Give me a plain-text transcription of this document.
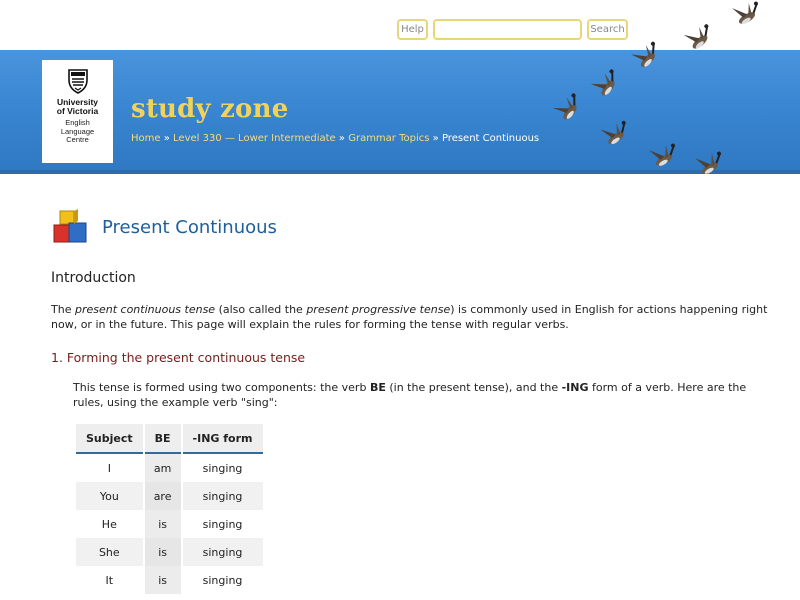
Help	Search
University
of Victoria
English
Language
Centre
study zone
Home » Level 330 — Lower Intermediate » Grammar Topics » Present Continuous
Present Continuous
Introduction

The present continuous tense (also called the present progressive tense) is commonly used in English for actions happening right now, or in the future. This page will explain the rules for forming the tense with regular verbs.

1. Forming the present continuous tense

This tense is formed using two components: the verb BE (in the present tense), and the -ING form of a verb. Here are the rules, using the example verb "sing":

Subject	BE	-ING form
I	am	singing
You	are	singing
He	is	singing
She	is	singing
It	is	singing
